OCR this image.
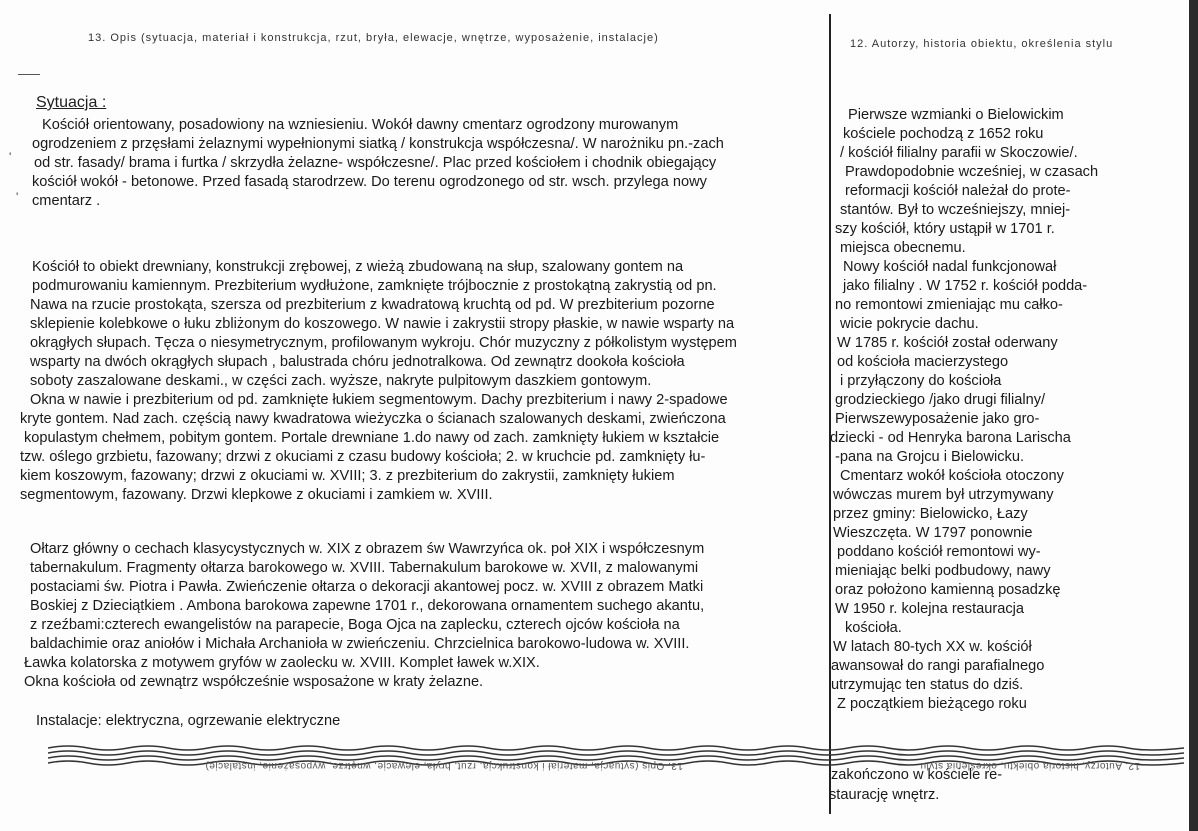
13. Opis (sytuacja, materiał i konstrukcja, rzut, bryła, elewacje, wnętrze, wyposażenie, instalacje)	12. Autorzy, historia obiektu, określenia stylu
'
'
Sytuacja :
Kościół orientowany, posadowiony na wzniesieniu. Wokół dawny cmentarz ogrodzony murowanym
ogrodzeniem z przęsłami żelaznymi wypełnionymi siatką / konstrukcja współczesna/. W narożniku pn.-zach
od str. fasady/ brama i furtka / skrzydła żelazne- współczesne/. Plac przed kościołem i chodnik obiegający
kościół wokół - betonowe. Przed fasadą starodrzew. Do terenu ogrodzonego od str. wsch. przylega nowy
cmentarz .
Kościół to obiekt drewniany, konstrukcji zrębowej, z wieżą zbudowaną na słup, szalowany gontem na
podmurowaniu kamiennym. Prezbiterium wydłużone, zamknięte trójbocznie z prostokątną zakrystią od pn.
Nawa na rzucie prostokąta, szersza od prezbiterium z kwadratową kruchtą od pd. W prezbiterium pozorne
sklepienie kolebkowe o łuku zbliżonym do koszowego. W nawie i zakrystii stropy płaskie, w nawie wsparty na
okrągłych słupach. Tęcza o niesymetrycznym, profilowanym wykroju. Chór muzyczny z półkolistym występem
wsparty na dwóch okrągłych słupach , balustrada chóru jednotralkowa. Od zewnątrz dookoła kościoła
soboty zaszalowane deskami., w części zach. wyższe, nakryte pulpitowym daszkiem gontowym.
Okna w nawie i prezbiterium od pd. zamknięte łukiem segmentowym. Dachy prezbiterium i nawy 2-spadowe
kryte gontem. Nad zach. częścią nawy kwadratowa wieżyczka o ścianach szalowanych deskami, zwieńczona
kopulastym chełmem, pobitym gontem. Portale drewniane 1.do nawy od zach. zamknięty łukiem w kształcie
tzw. oślego grzbietu, fazowany; drzwi z okuciami z czasu budowy kościoła; 2. w kruchcie pd. zamknięty łu-
kiem koszowym, fazowany; drzwi z okuciami w. XVIII; 3. z prezbiterium do zakrystii, zamknięty łukiem
segmentowym, fazowany. Drzwi klepkowe z okuciami i zamkiem w. XVIII.
Ołtarz główny o cechach klasycystycznych w. XIX z obrazem św Wawrzyńca ok. poł XIX i współczesnym
tabernakulum. Fragmenty ołtarza barokowego w. XVIII. Tabernakulum barokowe w. XVII, z malowanymi
postaciami św. Piotra i Pawła. Zwieńczenie ołtarza o dekoracji akantowej pocz. w. XVIII z obrazem Matki
Boskiej z Dzieciątkiem . Ambona barokowa zapewne 1701 r., dekorowana ornamentem suchego akantu,
z rzeźbami:czterech ewangelistów na parapecie, Boga Ojca na zaplecku, czterech ojców kościoła na
baldachimie oraz aniołów i Michała Archanioła w zwieńczeniu. Chrzcielnica barokowo-ludowa w. XVIII.
Ławka kolatorska z motywem gryfów w zaolecku w. XVIII. Komplet ławek w.XIX.
Okna kościoła od zewnątrz współcześnie wsposażone w kraty żelazne.
Instalacje: elektryczna, ogrzewanie elektryczne
Pierwsze wzmianki o Bielowickim
kościele pochodzą z 1652 roku
/ kościół filialny parafii w Skoczowie/.
Prawdopodobnie wcześniej, w czasach
reformacji kościół należał do prote-
stantów. Był to wcześniejszy, mniej-
szy kościół, który ustąpił w 1701 r.
miejsca obecnemu.
Nowy kościół nadal funkcjonował
jako filialny . W 1752 r. kościół podda-
no remontowi zmieniając mu całko-
wicie pokrycie dachu.
W 1785 r. kościół został oderwany
od kościoła macierzystego
i przyłączony do kościoła
grodzieckiego /jako drugi filialny/
Pierwszewyposażenie jako gro-
dziecki - od Henryka barona Larischa
-pana na Grojcu i Bielowicku.
Cmentarz wokół kościoła otoczony
wówczas murem był utrzymywany
przez gminy: Bielowicko, Łazy
Wieszczęta. W 1797 ponownie
poddano kościół remontowi wy-
mieniając belki podbudowy, nawy
oraz położono kamienną posadzkę
W 1950 r. kolejna restauracja
kościoła.
W latach 80-tych XX w. kościół
awansował do rangi parafialnego
utrzymując ten status do dziś.
Z początkiem bieżącego roku
zakończono w kościele re-
staurację wnętrz.
13. Opis (sytuacja, materiał i konstrukcja, rzut, bryła, elewacje, wnętrze, wyposażenie, instalacje)	12. Autorzy, historia obiektu, określenia stylu
